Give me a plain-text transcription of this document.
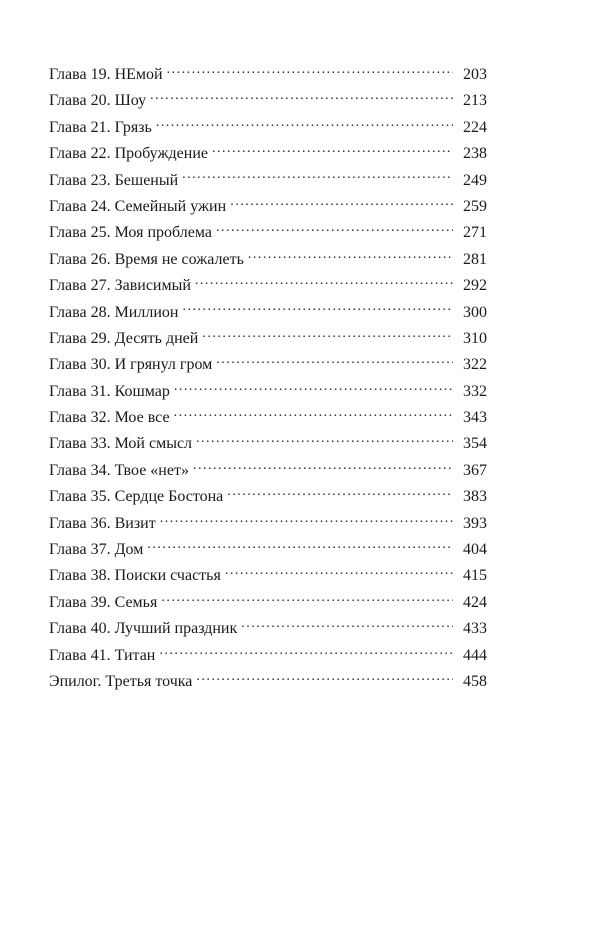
Глава 19. НЕмой . . .	203
Глава 20. Шоу . . .	213
Глава 21. Грязь . . .	224
Глава 22. Пробуждение . . .	238
Глава 23. Бешеный . . .	249
Глава 24. Семейный ужин . . .	259
Глава 25. Моя проблема . . .	271
Глава 26. Время не сожалеть . . .	281
Глава 27. Зависимый . . .	292
Глава 28. Миллион . . .	300
Глава 29. Десять дней . . .	310
Глава 30. И грянул гром . . .	322
Глава 31. Кошмар . . .	332
Глава 32. Мое все . . .	343
Глава 33. Мой смысл . . .	354
Глава 34. Твое «нет» . . .	367
Глава 35. Сердце Бостона . . .	383
Глава 36. Визит . . .	393
Глава 37. Дом . . .	404
Глава 38. Поиски счастья . . .	415
Глава 39. Семья . . .	424
Глава 40. Лучший праздник . . .	433
Глава 41. Титан . . .	444
Эпилог. Третья точка . . .	458
